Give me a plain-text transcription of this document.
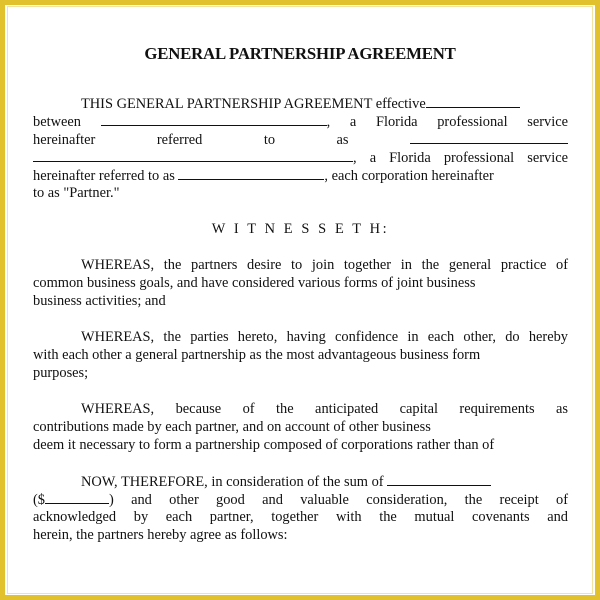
GENERAL PARTNERSHIP AGREEMENT
THIS GENERAL PARTNERSHIP AGREEMENT effective
between	, a Florida professional service
hereinafter	referred	to	as
, a Florida professional service
hereinafter referred to as	, each corporation hereinafter
to as "Partner."
W I T N E S S E T H:
WHEREAS, the partners desire to join together in the general practice of
common business goals, and have considered various forms of joint business
business activities; and
WHEREAS, the parties hereto, having confidence in each other, do hereby
with each other a general partnership as the most advantageous business form
purposes;
WHEREAS, because of the anticipated capital requirements as
contributions made by each partner, and on account of other business
deem it necessary to form a partnership composed of corporations rather than of
NOW, THEREFORE, in consideration of the sum of
($	) and other good and valuable consideration, the receipt of
acknowledged by each partner, together with the mutual covenants and
herein, the partners hereby agree as follows:
